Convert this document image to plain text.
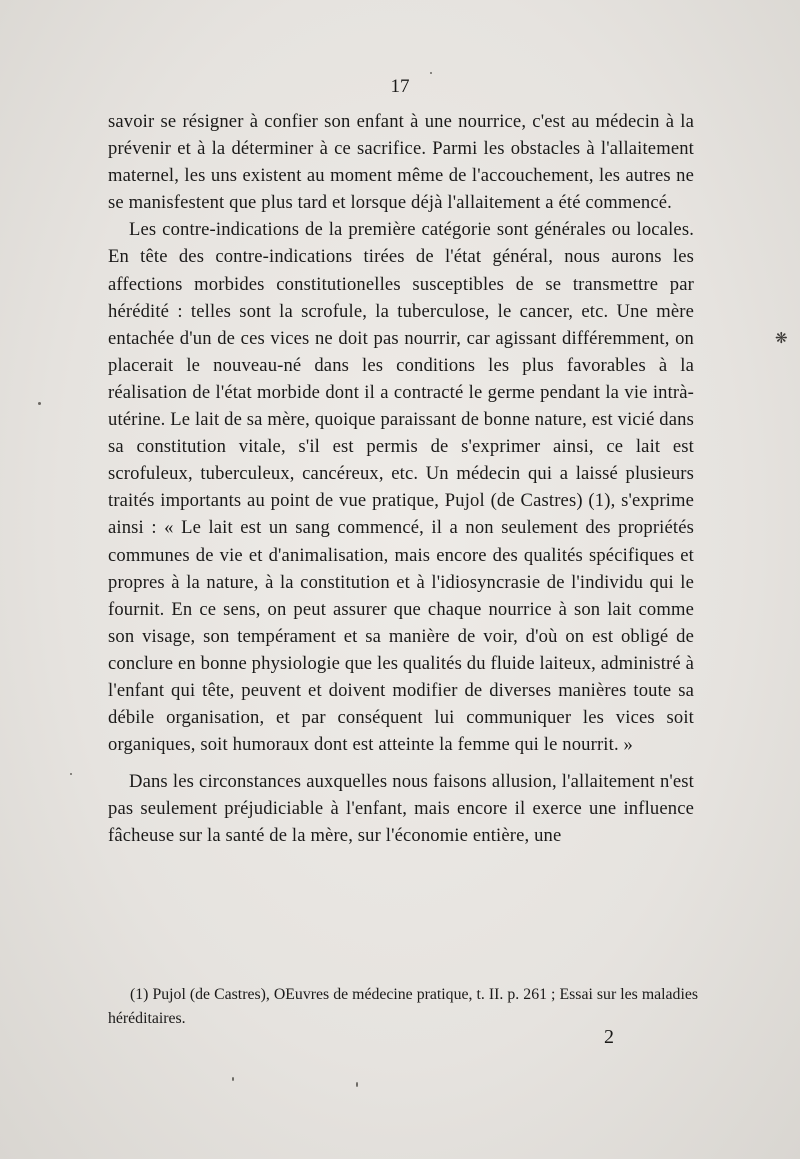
17

savoir se résigner à confier son enfant à une nourrice, c'est au médecin à la prévenir et à la déterminer à ce sacrifice. Parmi les obstacles à l'allaitement maternel, les uns existent au moment même de l'accouchement, les autres ne se manisfestent que plus tard et lorsque déjà l'allaitement a été commencé.

Les contre-indications de la première catégorie sont générales ou locales. En tête des contre-indications tirées de l'état général, nous aurons les affections morbides constitutionelles susceptibles de se transmettre par hérédité : telles sont la scrofule, la tuberculose, le cancer, etc. Une mère entachée d'un de ces vices ne doit pas nourrir, car agissant différemment, on placerait le nouveau-né dans les conditions les plus favorables à la réalisation de l'état morbide dont il a contracté le germe pendant la vie intrà-utérine. Le lait de sa mère, quoique paraissant de bonne nature, est vicié dans sa constitution vitale, s'il est permis de s'exprimer ainsi, ce lait est scrofuleux, tuberculeux, cancéreux, etc. Un médecin qui a laissé plusieurs traités importants au point de vue pratique, Pujol (de Castres) (1), s'exprime ainsi : « Le lait est un sang commencé, il a non seulement des propriétés communes de vie et d'animalisation, mais encore des qualités spécifiques et propres à la nature, à la constitution et à l'idiosyncrasie de l'individu qui le fournit. En ce sens, on peut assurer que chaque nourrice à son lait comme son visage, son tempérament et sa manière de voir, d'où on est obligé de conclure en bonne physiologie que les qualités du fluide laiteux, administré à l'enfant qui tête, peuvent et doivent modifier de diverses manières toute sa débile organisation, et par conséquent lui communiquer les vices soit organiques, soit humoraux dont est atteinte la femme qui le nourrit. »

Dans les circonstances auxquelles nous faisons allusion, l'allaitement n'est pas seulement préjudiciable à l'enfant, mais encore il exerce une influence fâcheuse sur la santé de la mère, sur l'économie entière, une

(1) Pujol (de Castres), OEuvres de médecine pratique, t. II. p. 261 ; Essai sur les maladies héréditaires.
2
❋
